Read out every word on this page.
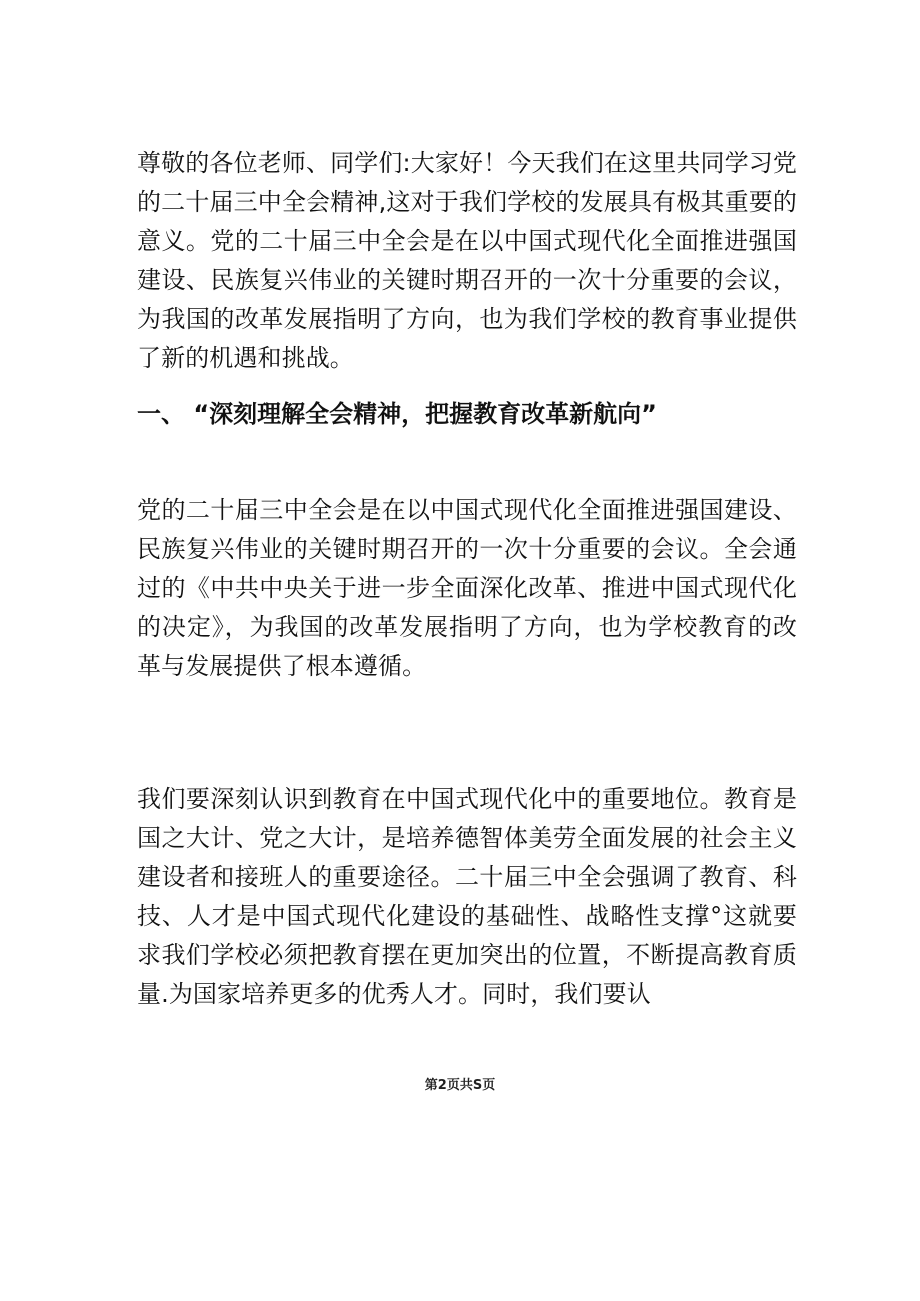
尊敬的各位老师、同学们:大家好！今天我们在这里共同学习党的二十届三中全会精神,这对于我们学校的发展具有极其重要的意义。党的二十届三中全会是在以中国式现代化全面推进强国建设、民族复兴伟业的关键时期召开的一次十分重要的会议，为我国的改革发展指明了方向，也为我们学校的教育事业提供了新的机遇和挑战。

一、 “深刻理解全会精神，把握教育改革新航向”

党的二十届三中全会是在以中国式现代化全面推进强国建设、民族复兴伟业的关键时期召开的一次十分重要的会议。全会通过的《中共中央关于进一步全面深化改革、推进中国式现代化的决定》，为我国的改革发展指明了方向，也为学校教育的改革与发展提供了根本遵循。

我们要深刻认识到教育在中国式现代化中的重要地位。教育是国之大计、党之大计，是培养德智体美劳全面发展的社会主义建设者和接班人的重要途径。二十届三中全会强调了教育、科技、人才是中国式现代化建设的基础性、战略性支撑°这就要求我们学校必须把教育摆在更加突出的位置，不断提高教育质量.为国家培养更多的优秀人才。同时，我们要认

第2页共S页
